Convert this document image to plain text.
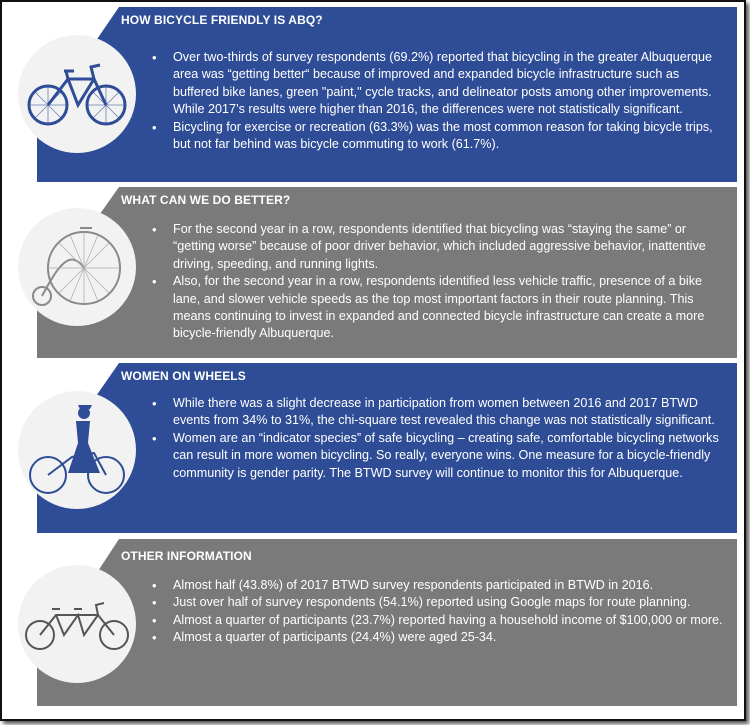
HOW BICYCLE FRIENDLY IS ABQ?
• Over two-thirds of survey respondents (69.2%) reported that bicycling in the greater Albuquerque area was “getting better“ because of improved and expanded bicycle infrastructure such as buffered bike lanes, green "paint," cycle tracks, and delineator posts among other improvements. While 2017’s results were higher than 2016, the differences were not statistically significant.
• Bicycling for exercise or recreation (63.3%) was the most common reason for taking bicycle trips, but not far behind was bicycle commuting to work (61.7%).
WHAT CAN WE DO BETTER?
• For the second year in a row, respondents identified that bicycling was “staying the same” or “getting worse” because of poor driver behavior, which included aggressive behavior, inattentive driving, speeding, and running lights.
• Also, for the second year in a row, respondents identified less vehicle traffic, presence of a bike lane, and slower vehicle speeds as the top most important factors in their route planning. This means continuing to invest in expanded and connected bicycle infrastructure can create a more bicycle-friendly Albuquerque.
WOMEN ON WHEELS
• While there was a slight decrease in participation from women between 2016 and 2017 BTWD events from 34% to 31%, the chi-square test revealed this change was not statistically significant.
• Women are an “indicator species” of safe bicycling – creating safe, comfortable bicycling networks can result in more women bicycling. So really, everyone wins. One measure for a bicycle-friendly community is gender parity. The BTWD survey will continue to monitor this for Albuquerque.
OTHER INFORMATION
• Almost half (43.8%) of 2017 BTWD survey respondents participated in BTWD in 2016.
• Just over half of survey respondents (54.1%) reported using Google maps for route planning.
• Almost a quarter of participants (23.7%) reported having a household income of $100,000 or more.
• Almost a quarter of participants (24.4%) were aged 25-34.
